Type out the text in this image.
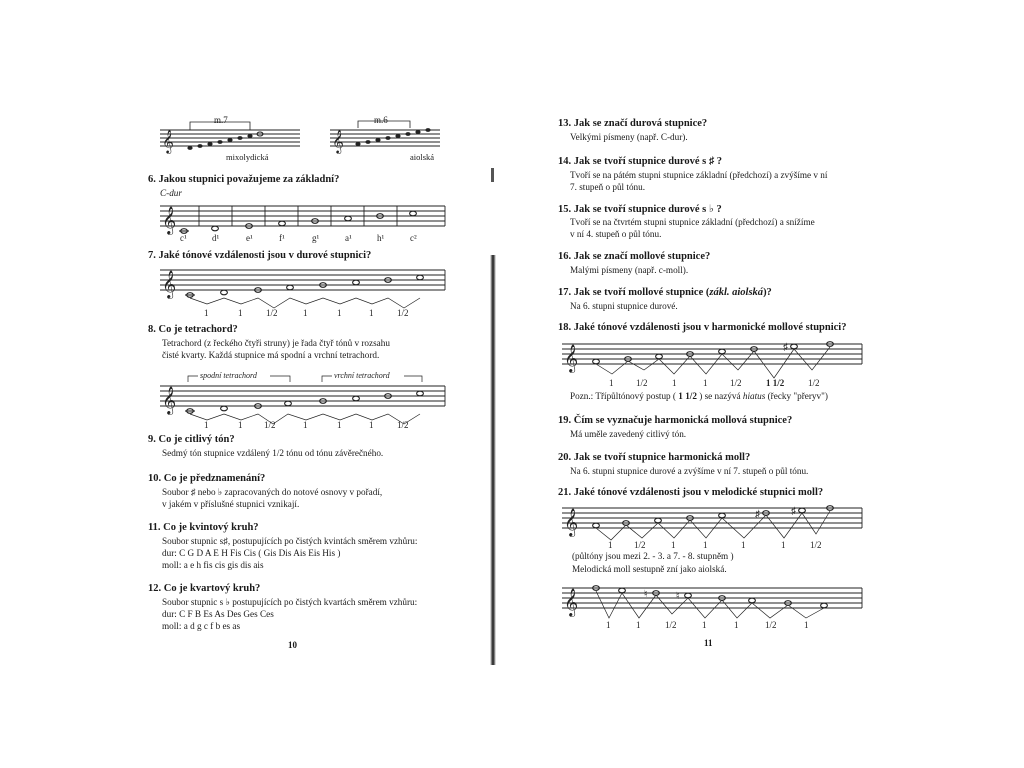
𝄞
m.7
mixolydická
𝄞
m.6
aiolská
6. Jakou stupnici považujeme za základní?
C-dur
𝄞
c¹	d¹	e¹	f¹	g¹	a¹	h¹	c²
7. Jaké tónové vzdálenosti jsou v durové stupnici?
𝄞
1	1	1/2	1	1	1	1/2
8. Co je tetrachord?
Tetrachord (z řeckého čtyři struny) je řada čtyř tónů v rozsahu
čisté kvarty. Každá stupnice má spodní a vrchní tetrachord.
spodní tetrachord	vrchní tetrachord
𝄞
1	1 1/2	1	1	1	1/2
9. Co je citlivý tón?
Sedmý tón stupnice vzdálený 1/2 tónu od tónu závěrečného.
10. Co je předznamenání?
Soubor ♯ nebo ♭ zapracovaných do notové osnovy v pořadí,
v jakém v příslušné stupnici vznikají.
11. Co je kvintový kruh?
Soubor stupnic s♯, postupujících po čistých kvintách směrem vzhůru:
dur: C G D A E H Fis Cis ( Gis Dis Ais Eis His )
moll: a e h fis cis gis dis ais
12. Co je kvartový kruh?
Soubor stupnic s ♭ postupujících po čistých kvartách směrem vzhůru:
dur: C F B Es As Des Ges Ces
moll: a d g c f b es as
10
13. Jak se značí durová stupnice?
Velkými písmeny (např. C-dur).
14. Jak se tvoří stupnice durové s ♯ ?
Tvoří se na pátém stupni stupnice základní (předchozí) a zvýšíme v ní
7. stupeň o půl tónu.
15. Jak se tvoří stupnice durové s ♭ ?
Tvoří se na čtvrtém stupni stupnice základní (předchozí) a snížíme
v ní 4. stupeň o půl tónu.
16. Jak se značí mollové stupnice?
Malými písmeny (např. c-moll).
17. Jak se tvoří mollové stupnice (zákl. aiolská)?
Na 6. stupni stupnice durové.
18. Jaké tónové vzdálenosti jsou v harmonické mollové stupnici?
𝄞	♯
1	1/2	1	1	1/2	1 1/2	1/2
Pozn.: Třípůltónový postup ( 1 1/2 ) se nazývá hiatus (řecky "přeryv")
19. Čím se vyznačuje harmonická mollová stupnice?
Má uměle zavedený citlivý tón.
20. Jak se tvoří stupnice harmonická moll?
Na 6. stupni stupnice durové a zvýšíme v ní 7. stupeň o půl tónu.
21. Jaké tónové vzdálenosti jsou v melodické stupnici moll?
𝄞	♯	♯
1 1/2	1	1	1	1	1/2
(půltóny jsou mezi 2. - 3. a 7. - 8. stupněm )
Melodická moll sestupně zní jako aiolská.
𝄞	♮	♮
1	1	1/2	1	1	1/2	1
11
